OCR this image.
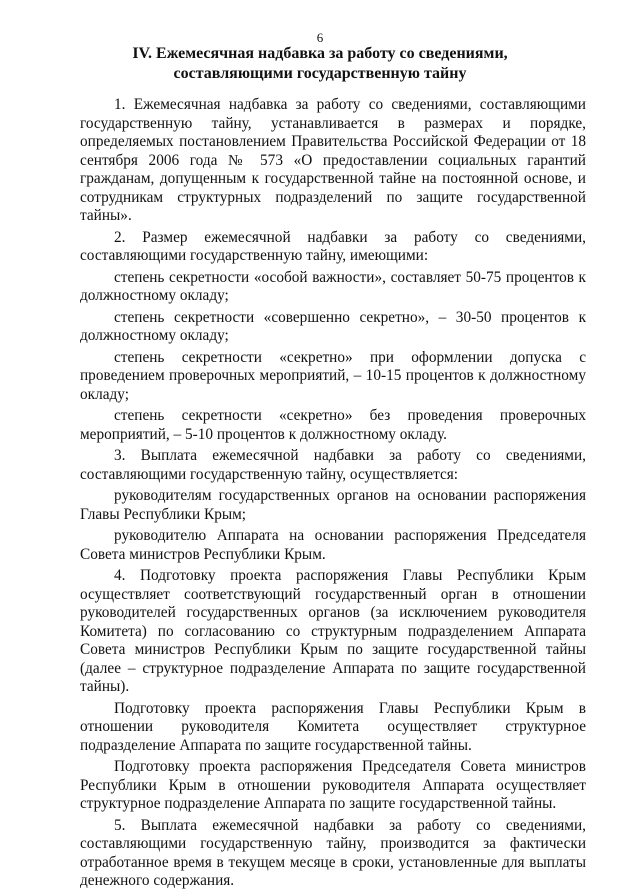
6
IV. Ежемесячная надбавка за работу со сведениями,
составляющими государственную тайну

1. Ежемесячная надбавка за работу со сведениями, составляющими государственную тайну, устанавливается в размерах и порядке, определяемых постановлением Правительства Российской Федерации от 18 сентября 2006 года № 573 «О предоставлении социальных гарантий гражданам, допущенным к государственной тайне на постоянной основе, и сотрудникам структурных подразделений по защите государственной тайны».

2. Размер ежемесячной надбавки за работу со сведениями, составляющими государственную тайну, имеющими:

степень секретности «особой важности», составляет 50-75 процентов к должностному окладу;

степень секретности «совершенно секретно», – 30-50 процентов к должностному окладу;

степень секретности «секретно» при оформлении допуска с проведением проверочных мероприятий, – 10-15 процентов к должностному окладу;

степень секретности «секретно» без проведения проверочных мероприятий, – 5-10 процентов к должностному окладу.

3. Выплата ежемесячной надбавки за работу со сведениями, составляющими государственную тайну, осуществляется:

руководителям государственных органов на основании распоряжения Главы Республики Крым;

руководителю Аппарата на основании распоряжения Председателя Совета министров Республики Крым.

4. Подготовку проекта распоряжения Главы Республики Крым осуществляет соответствующий государственный орган в отношении руководителей государственных органов (за исключением руководителя Комитета) по согласованию со структурным подразделением Аппарата Совета министров Республики Крым по защите государственной тайны (далее – структурное подразделение Аппарата по защите государственной тайны).

Подготовку проекта распоряжения Главы Республики Крым в отношении руководителя Комитета осуществляет структурное подразделение Аппарата по защите государственной тайны.

Подготовку проекта распоряжения Председателя Совета министров Республики Крым в отношении руководителя Аппарата осуществляет структурное подразделение Аппарата по защите государственной тайны.

5. Выплата ежемесячной надбавки за работу со сведениями, составляющими государственную тайну, производится за фактически отработанное время в текущем месяце в сроки, установленные для выплаты денежного содержания.
